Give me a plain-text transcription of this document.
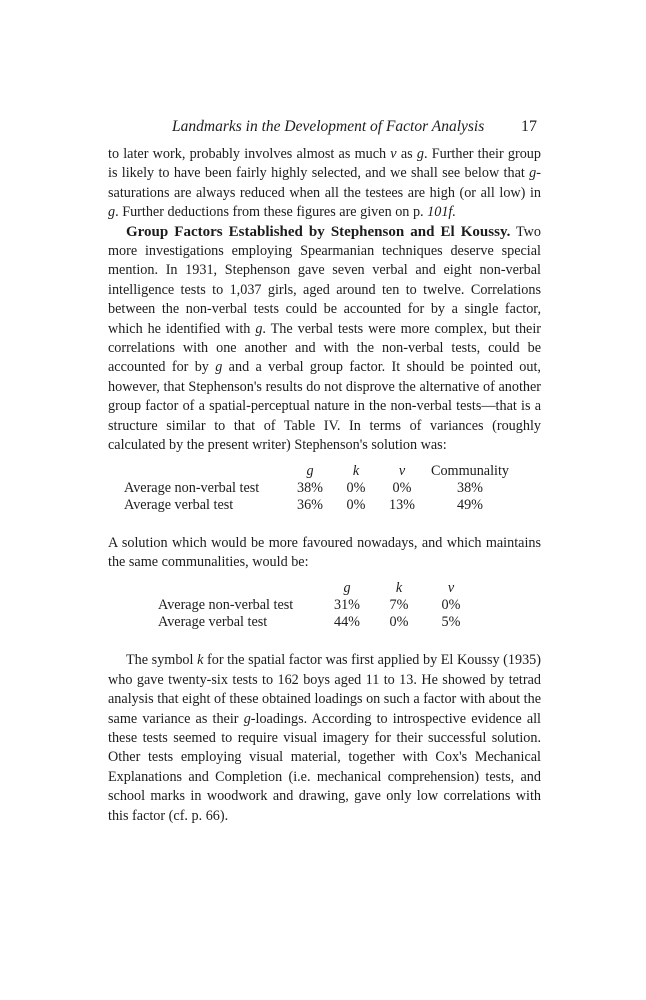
Landmarks in the Development of Factor Analysis 17

to later work, probably involves almost as much v as g. Further their group is likely to have been fairly highly selected, and we shall see below that g-saturations are always reduced when all the testees are high (or all low) in g. Further deductions from these figures are given on p. 101f.

Group Factors Established by Stephenson and El Koussy. Two more investigations employing Spearmanian techniques deserve special mention. In 1931, Stephenson gave seven verbal and eight non-verbal intelligence tests to 1,037 girls, aged around ten to twelve. Correlations between the non-verbal tests could be accounted for by a single factor, which he identified with g. The verbal tests were more complex, but their correlations with one another and with the non-verbal tests, could be accounted for by g and a verbal group factor. It should be pointed out, however, that Stephenson's results do not disprove the alternative of another group factor of a spatial-perceptual nature in the non-verbal tests—that is a structure similar to that of Table IV. In terms of variances (roughly calculated by the present writer) Stephenson's solution was:

	g	k	v	Communality
Average non-verbal test	38%	0%	0%	38%
Average verbal test	36%	0%	13%	49%

A solution which would be more favoured nowadays, and which maintains the same communalities, would be:

	g	k	v
Average non-verbal test	31%	7%	0%
Average verbal test	44%	0%	5%

The symbol k for the spatial factor was first applied by El Koussy (1935) who gave twenty-six tests to 162 boys aged 11 to 13. He showed by tetrad analysis that eight of these obtained loadings on such a factor with about the same variance as their g-loadings. According to introspective evidence all these tests seemed to require visual imagery for their successful solution. Other tests employing visual material, together with Cox's Mechanical Explanations and Completion (i.e. mechanical comprehension) tests, and school marks in woodwork and drawing, gave only low correlations with this factor (cf. p. 66).
